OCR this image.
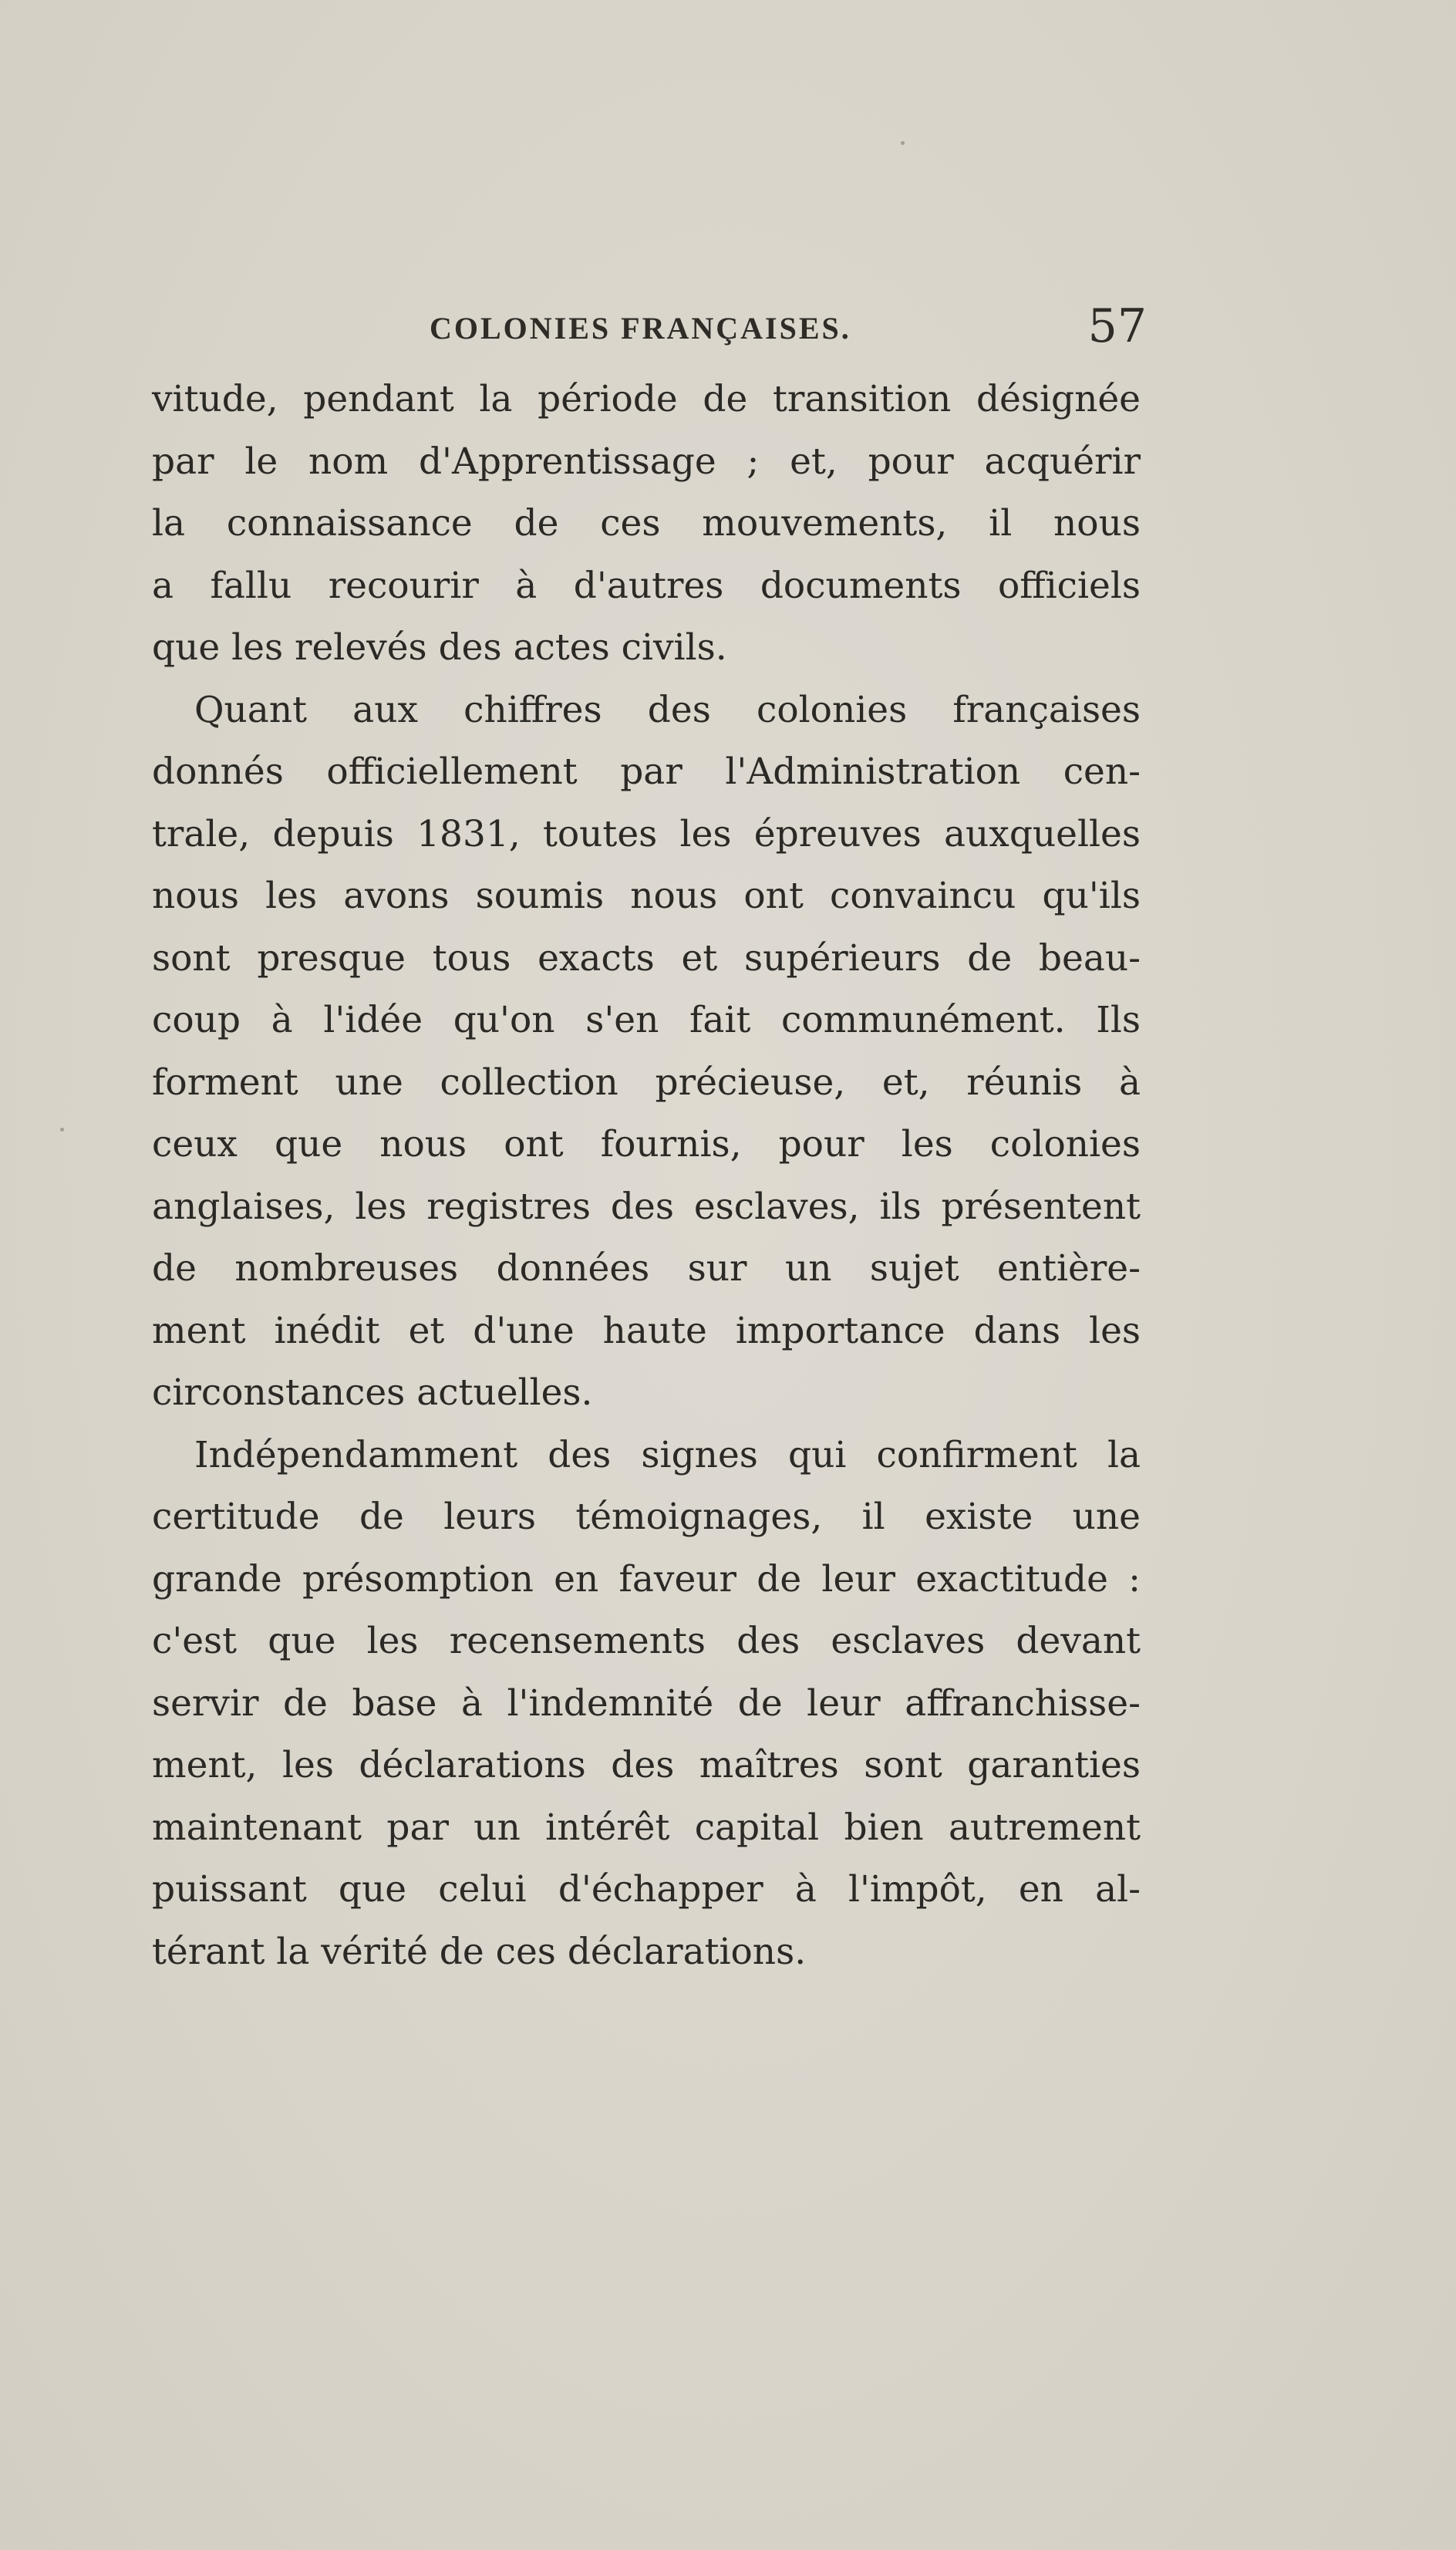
COLONIES FRANÇAISES.	57
vitude, pendant la période de transition désignée
par le nom d'Apprentissage ; et, pour acquérir
la connaissance de ces mouvements, il nous
a fallu recourir à d'autres documents officiels
que les relevés des actes civils.
Quant aux chiffres des colonies françaises
donnés officiellement par l'Administration cen-
trale, depuis 1831, toutes les épreuves auxquelles
nous les avons soumis nous ont convaincu qu'ils
sont presque tous exacts et supérieurs de beau-
coup à l'idée qu'on s'en fait communément. Ils
forment une collection précieuse, et, réunis à
ceux que nous ont fournis, pour les colonies
anglaises, les registres des esclaves, ils présentent
de nombreuses données sur un sujet entière-
ment inédit et d'une haute importance dans les
circonstances actuelles.
Indépendamment des signes qui confirment la
certitude de leurs témoignages, il existe une
grande présomption en faveur de leur exactitude :
c'est que les recensements des esclaves devant
servir de base à l'indemnité de leur affranchisse-
ment, les déclarations des maîtres sont garanties
maintenant par un intérêt capital bien autrement
puissant que celui d'échapper à l'impôt, en al-
térant la vérité de ces déclarations.
